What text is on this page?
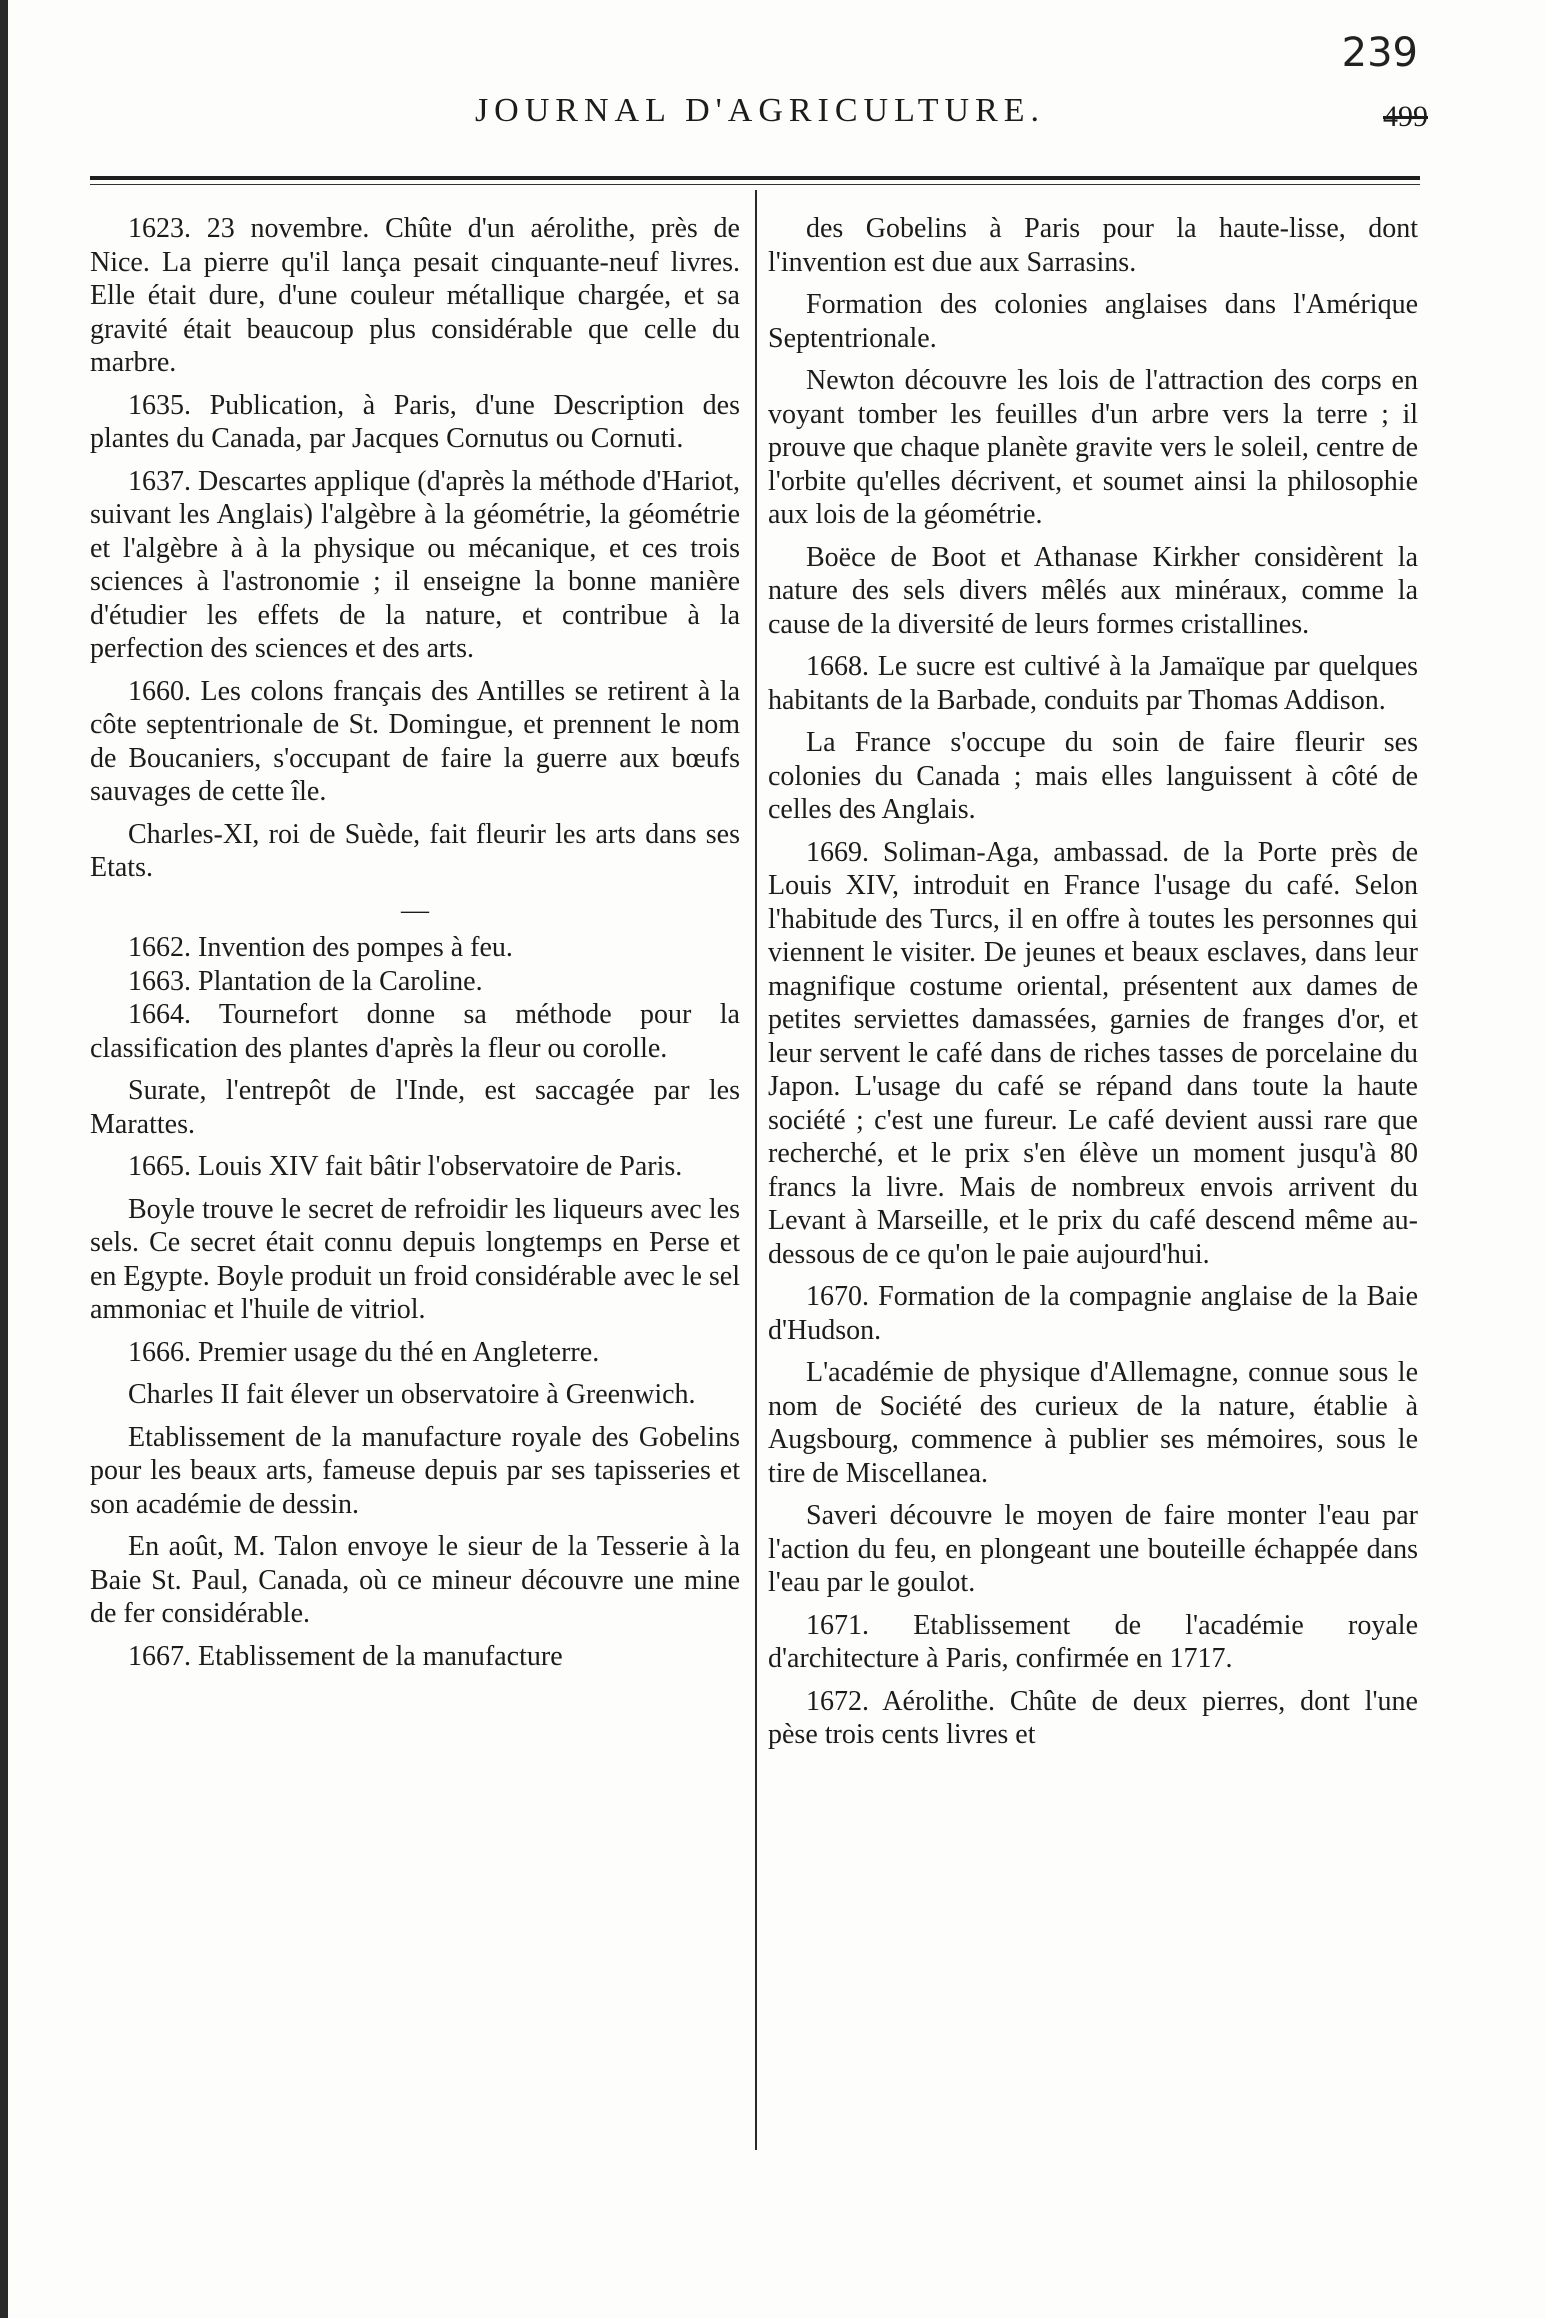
239
JOURNAL D'AGRICULTURE.	499

1623. 23 novembre. Chûte d'un aérolithe, près de Nice. La pierre qu'il lança pesait cinquante-neuf livres. Elle était dure, d'une couleur métallique chargée, et sa gravité était beaucoup plus considérable que celle du marbre.

1635. Publication, à Paris, d'une Description des plantes du Canada, par Jacques Cornutus ou Cornuti.

1637. Descartes applique (d'après la méthode d'Hariot, suivant les Anglais) l'algèbre à la géométrie, la géométrie et l'algèbre à à la physique ou mécanique, et ces trois sciences à l'astronomie ; il enseigne la bonne manière d'étudier les effets de la nature, et contribue à la perfection des sciences et des arts.

1660. Les colons français des Antilles se retirent à la côte septentrionale de St. Domingue, et prennent le nom de Boucaniers, s'occupant de faire la guerre aux bœufs sauvages de cette île.

Charles-XI, roi de Suède, fait fleurir les arts dans ses Etats.

—

1662. Invention des pompes à feu.

1663. Plantation de la Caroline.

1664. Tournefort donne sa méthode pour la classification des plantes d'après la fleur ou corolle.

Surate, l'entrepôt de l'Inde, est saccagée par les Marattes.

1665. Louis XIV fait bâtir l'observatoire de Paris.

Boyle trouve le secret de refroidir les liqueurs avec les sels. Ce secret était connu depuis longtemps en Perse et en Egypte. Boyle produit un froid considérable avec le sel ammoniac et l'huile de vitriol.

1666. Premier usage du thé en Angleterre.

Charles II fait élever un observatoire à Greenwich.

Etablissement de la manufacture royale des Gobelins pour les beaux arts, fameuse depuis par ses tapisseries et son académie de dessin.

En août, M. Talon envoye le sieur de la Tesserie à la Baie St. Paul, Canada, où ce mineur découvre une mine de fer considérable.

1667. Etablissement de la manufacture

des Gobelins à Paris pour la haute-lisse, dont l'invention est due aux Sarrasins.

Formation des colonies anglaises dans l'Amérique Septentrionale.

Newton découvre les lois de l'attraction des corps en voyant tomber les feuilles d'un arbre vers la terre ; il prouve que chaque planète gravite vers le soleil, centre de l'orbite qu'elles décrivent, et soumet ainsi la philosophie aux lois de la géométrie.

Boëce de Boot et Athanase Kirkher considèrent la nature des sels divers mêlés aux minéraux, comme la cause de la diversité de leurs formes cristallines.

1668. Le sucre est cultivé à la Jamaïque par quelques habitants de la Barbade, conduits par Thomas Addison.

La France s'occupe du soin de faire fleurir ses colonies du Canada ; mais elles languissent à côté de celles des Anglais.

1669. Soliman-Aga, ambassad. de la Porte près de Louis XIV, introduit en France l'usage du café. Selon l'habitude des Turcs, il en offre à toutes les personnes qui viennent le visiter. De jeunes et beaux esclaves, dans leur magnifique costume oriental, présentent aux dames de petites serviettes damassées, garnies de franges d'or, et leur servent le café dans de riches tasses de porcelaine du Japon. L'usage du café se répand dans toute la haute société ; c'est une fureur. Le café devient aussi rare que recherché, et le prix s'en élève un moment jusqu'à 80 francs la livre. Mais de nombreux envois arrivent du Levant à Marseille, et le prix du café descend même au-dessous de ce qu'on le paie aujourd'hui.

1670. Formation de la compagnie anglaise de la Baie d'Hudson.

L'académie de physique d'Allemagne, connue sous le nom de Société des curieux de la nature, établie à Augsbourg, commence à publier ses mémoires, sous le tire de Miscellanea.

Saveri découvre le moyen de faire monter l'eau par l'action du feu, en plongeant une bouteille échappée dans l'eau par le goulot.

1671. Etablissement de l'académie royale d'architecture à Paris, confirmée en 1717.

1672. Aérolithe. Chûte de deux pierres, dont l'une pèse trois cents livres et
